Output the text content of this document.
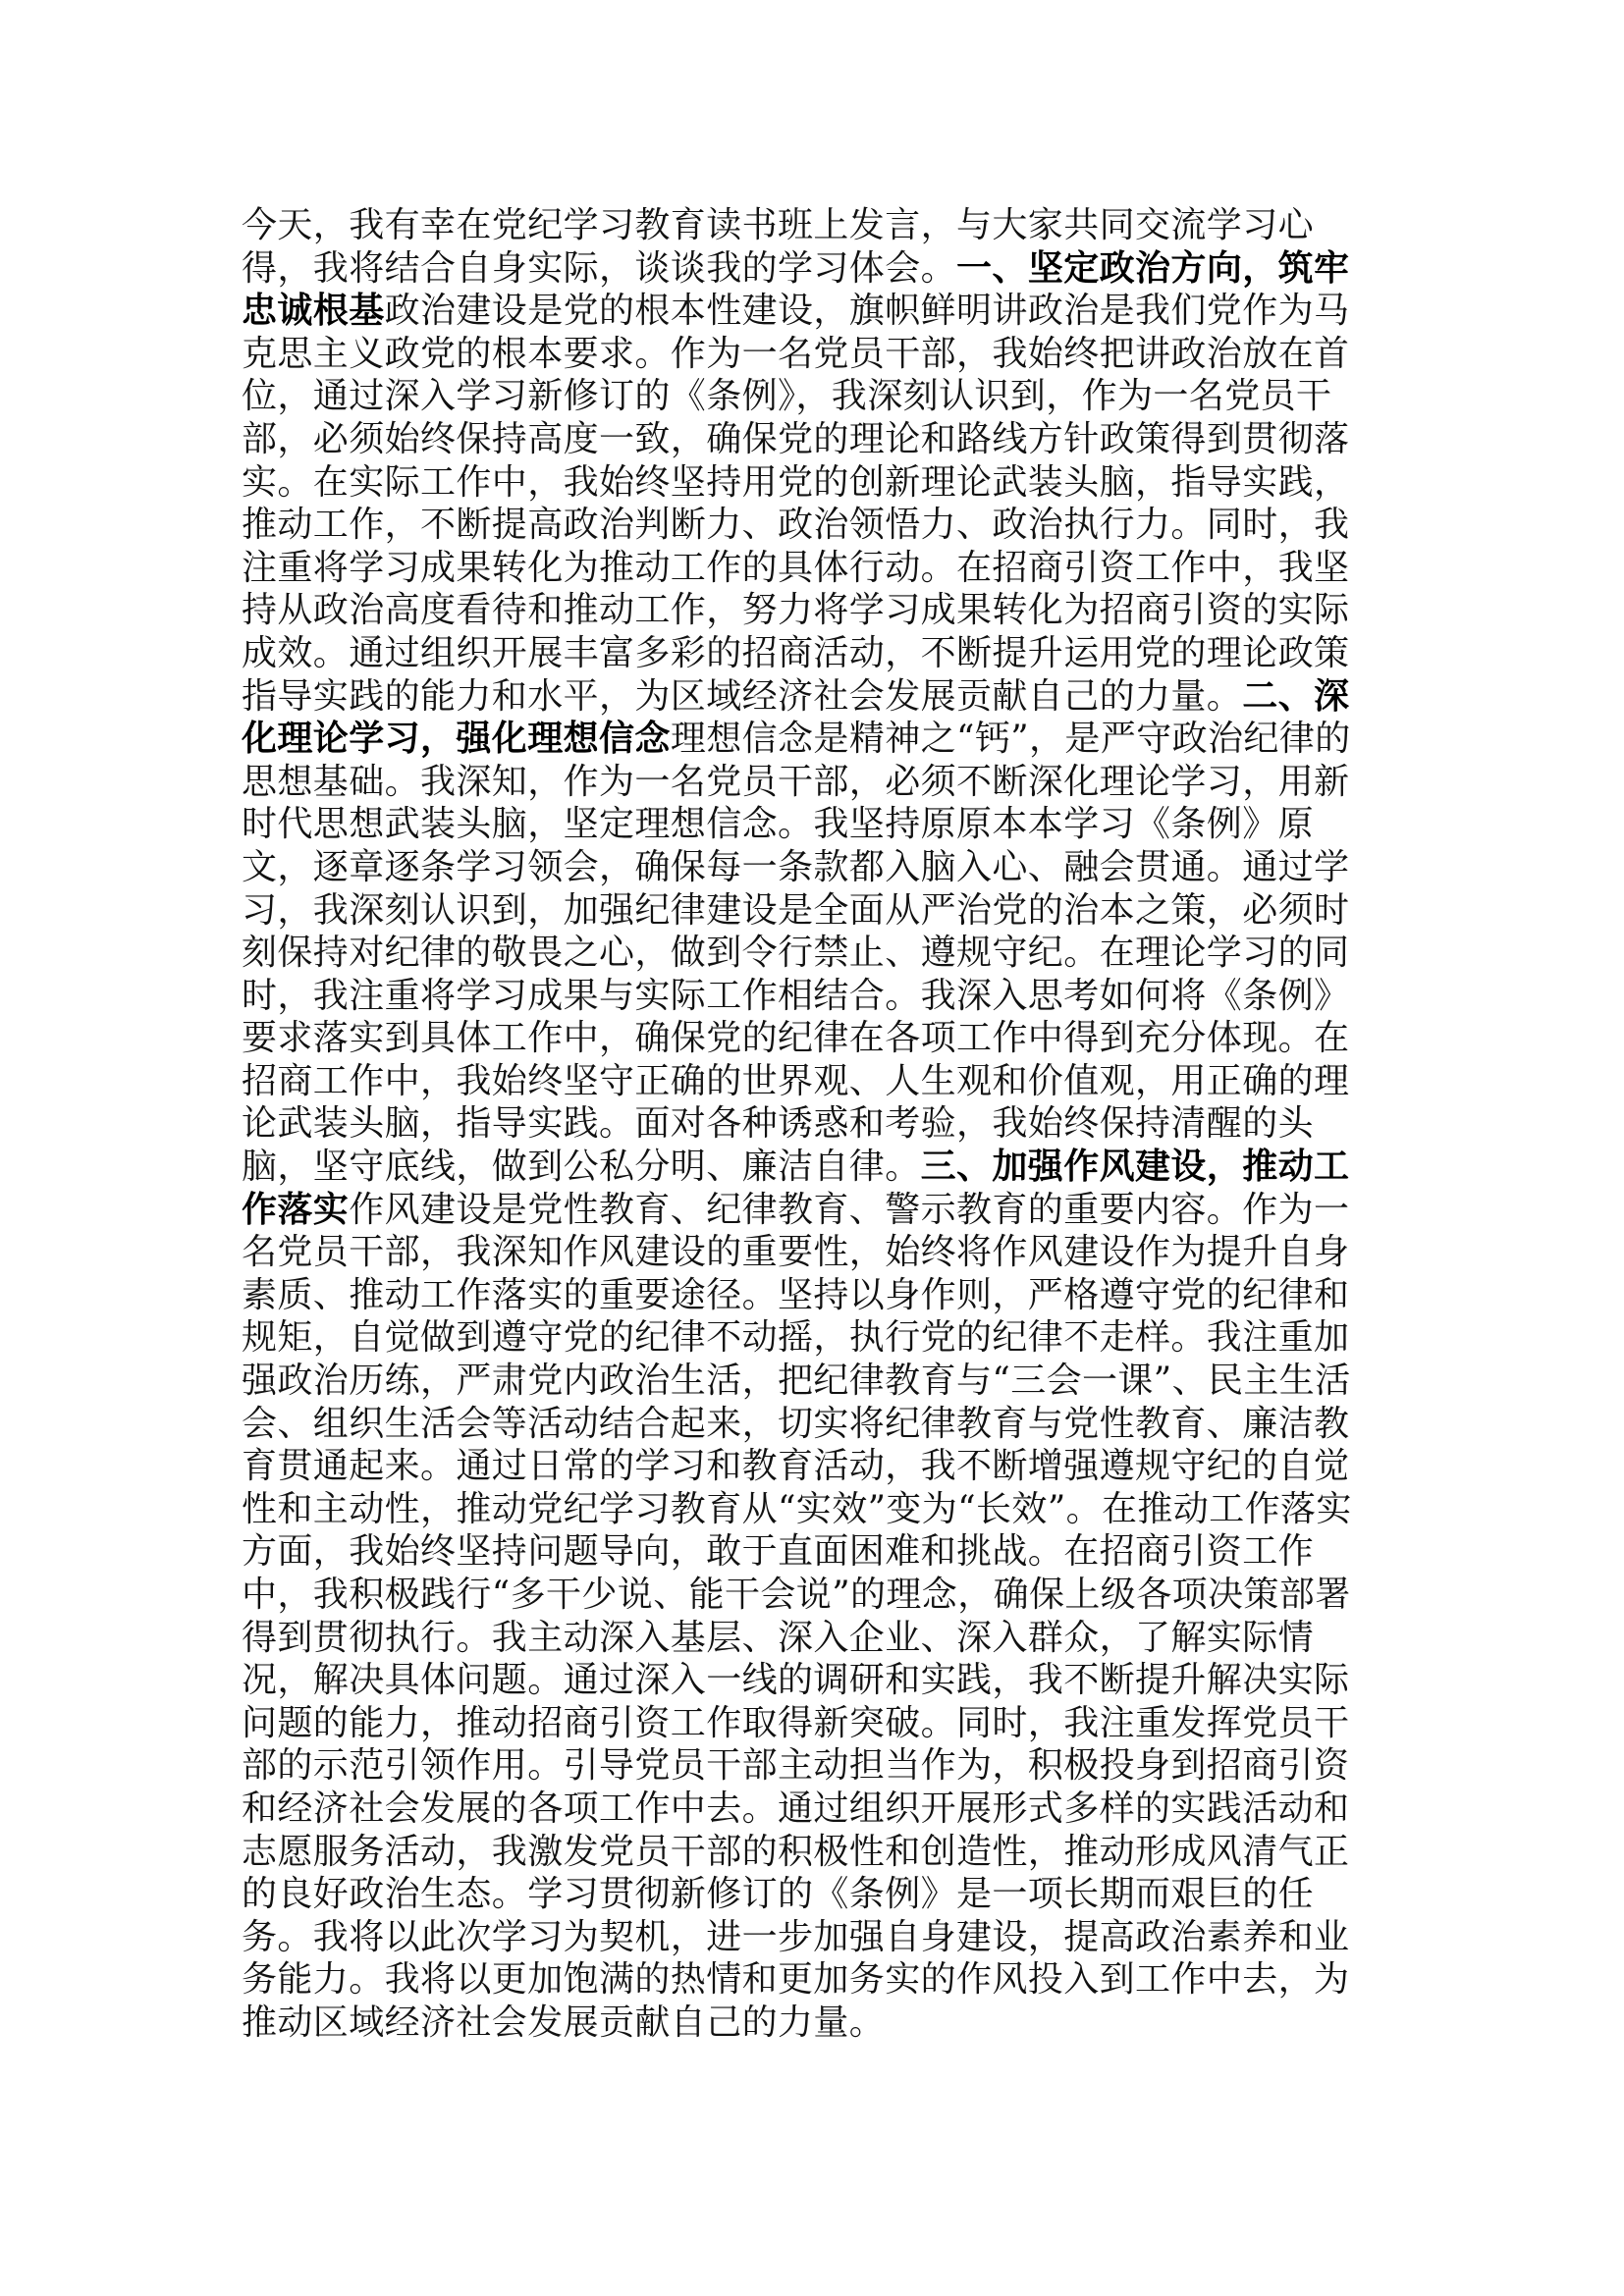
今天，我有幸在党纪学习教育读书班上发言，与大家共同交流学习心得，我将结合自身实际，谈谈我的学习体会。一、坚定政治方向，筑牢忠诚根基政治建设是党的根本性建设，旗帜鲜明讲政治是我们党作为马克思主义政党的根本要求。作为一名党员干部，我始终把讲政治放在首位，通过深入学习新修订的《条例》，我深刻认识到，作为一名党员干部，必须始终保持高度一致，确保党的理论和路线方针政策得到贯彻落实。在实际工作中，我始终坚持用党的创新理论武装头脑，指导实践，推动工作，不断提高政治判断力、政治领悟力、政治执行力。同时，我注重将学习成果转化为推动工作的具体行动。在招商引资工作中，我坚持从政治高度看待和推动工作，努力将学习成果转化为招商引资的实际成效。通过组织开展丰富多彩的招商活动，不断提升运用党的理论政策指导实践的能力和水平，为区域经济社会发展贡献自己的力量。二、深化理论学习，强化理想信念理想信念是精神之“钙”，是严守政治纪律的思想基础。我深知，作为一名党员干部，必须不断深化理论学习，用新时代思想武装头脑，坚定理想信念。我坚持原原本本学习《条例》原文，逐章逐条学习领会，确保每一条款都入脑入心、融会贯通。通过学习，我深刻认识到，加强纪律建设是全面从严治党的治本之策，必须时刻保持对纪律的敬畏之心，做到令行禁止、遵规守纪。在理论学习的同时，我注重将学习成果与实际工作相结合。我深入思考如何将《条例》要求落实到具体工作中，确保党的纪律在各项工作中得到充分体现。在招商工作中，我始终坚守正确的世界观、人生观和价值观，用正确的理论武装头脑，指导实践。面对各种诱惑和考验，我始终保持清醒的头脑，坚守底线，做到公私分明、廉洁自律。三、加强作风建设，推动工作落实作风建设是党性教育、纪律教育、警示教育的重要内容。作为一名党员干部，我深知作风建设的重要性，始终将作风建设作为提升自身素质、推动工作落实的重要途径。坚持以身作则，严格遵守党的纪律和规矩，自觉做到遵守党的纪律不动摇，执行党的纪律不走样。我注重加强政治历练，严肃党内政治生活，把纪律教育与“三会一课”、民主生活会、组织生活会等活动结合起来，切实将纪律教育与党性教育、廉洁教育贯通起来。通过日常的学习和教育活动，我不断增强遵规守纪的自觉性和主动性，推动党纪学习教育从“实效”变为“长效”。在推动工作落实方面，我始终坚持问题导向，敢于直面困难和挑战。在招商引资工作中，我积极践行“多干少说、能干会说”的理念，确保上级各项决策部署得到贯彻执行。我主动深入基层、深入企业、深入群众，了解实际情况，解决具体问题。通过深入一线的调研和实践，我不断提升解决实际问题的能力，推动招商引资工作取得新突破。同时，我注重发挥党员干部的示范引领作用。引导党员干部主动担当作为，积极投身到招商引资和经济社会发展的各项工作中去。通过组织开展形式多样的实践活动和志愿服务活动，我激发党员干部的积极性和创造性，推动形成风清气正的良好政治生态。学习贯彻新修订的《条例》是一项长期而艰巨的任务。我将以此次学习为契机，进一步加强自身建设，提高政治素养和业务能力。我将以更加饱满的热情和更加务实的作风投入到工作中去，为推动区域经济社会发展贡献自己的力量。
